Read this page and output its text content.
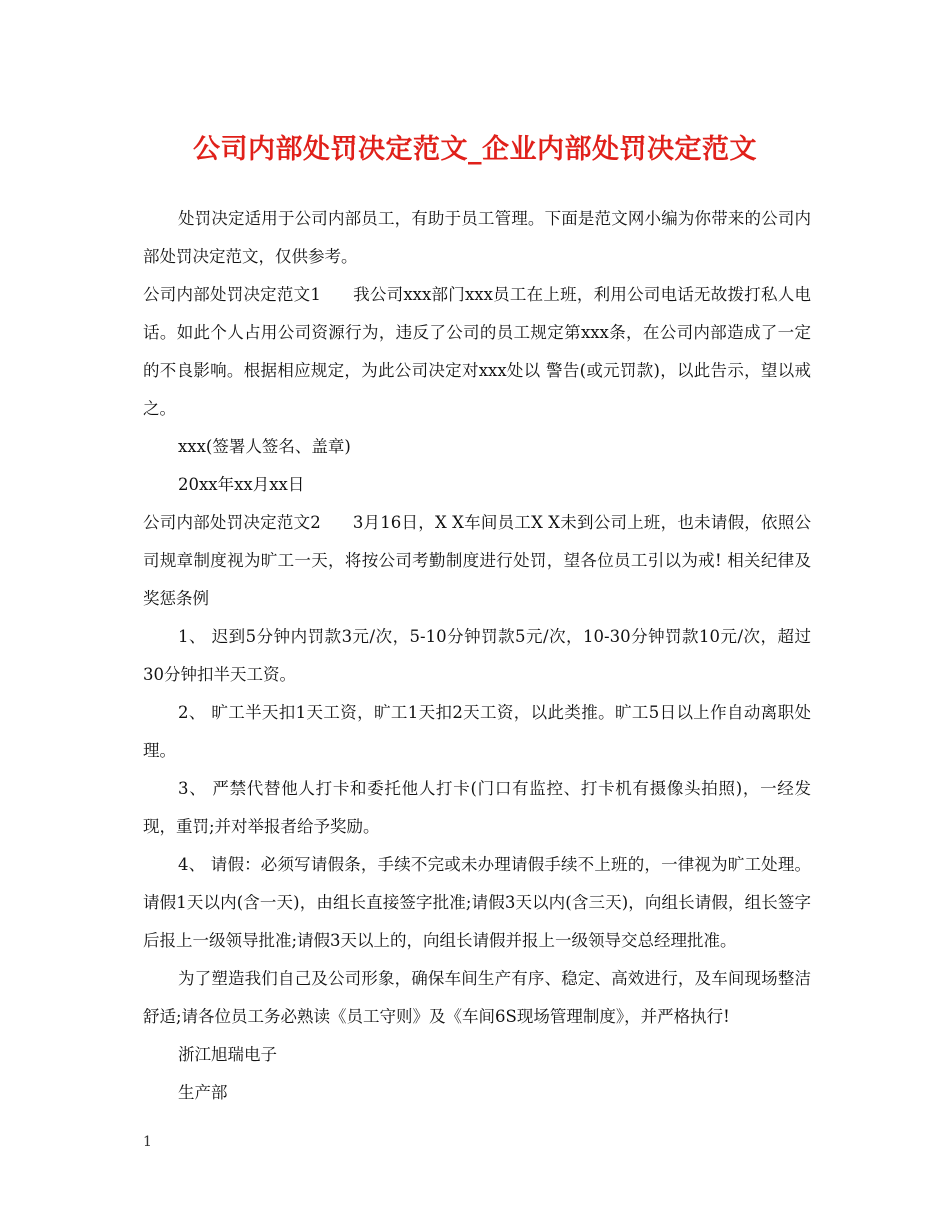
公司内部处罚决定范文_企业内部处罚决定范文

处罚决定适用于公司内部员工，有助于员工管理。下面是范文网小编为你带来的公司内部处罚决定范文，仅供参考。

公司内部处罚决定范文1 我公司xxx部门xxx员工在上班，利用公司电话无故拨打私人电话。如此个人占用公司资源行为，违反了公司的员工规定第xxx条，在公司内部造成了一定的不良影响。根据相应规定，为此公司决定对xxx处以 警告(或元罚款)，以此告示，望以戒之。

xxx(签署人签名、盖章)

20xx年xx月xx日

公司内部处罚决定范文2 3月16日，X X车间员工X X未到公司上班，也未请假，依照公司规章制度视为旷工一天，将按公司考勤制度进行处罚，望各位员工引以为戒! 相关纪律及奖惩条例

1、 迟到5分钟内罚款3元/次，5-10分钟罚款5元/次，10-30分钟罚款10元/次，超过30分钟扣半天工资。

2、 旷工半天扣1天工资，旷工1天扣2天工资，以此类推。旷工5日以上作自动离职处理。

3、 严禁代替他人打卡和委托他人打卡(门口有监控、打卡机有摄像头拍照)，一经发现，重罚;并对举报者给予奖励。

4、 请假：必须写请假条，手续不完或未办理请假手续不上班的，一律视为旷工处理。请假1天以内(含一天)，由组长直接签字批准;请假3天以内(含三天)，向组长请假，组长签字后报上一级领导批准;请假3天以上的，向组长请假并报上一级领导交总经理批准。

为了塑造我们自己及公司形象，确保车间生产有序、稳定、高效进行，及车间现场整洁舒适;请各位员工务必熟读《员工守则》及《车间6S现场管理制度》，并严格执行!

浙江旭瑞电子

生产部

1
